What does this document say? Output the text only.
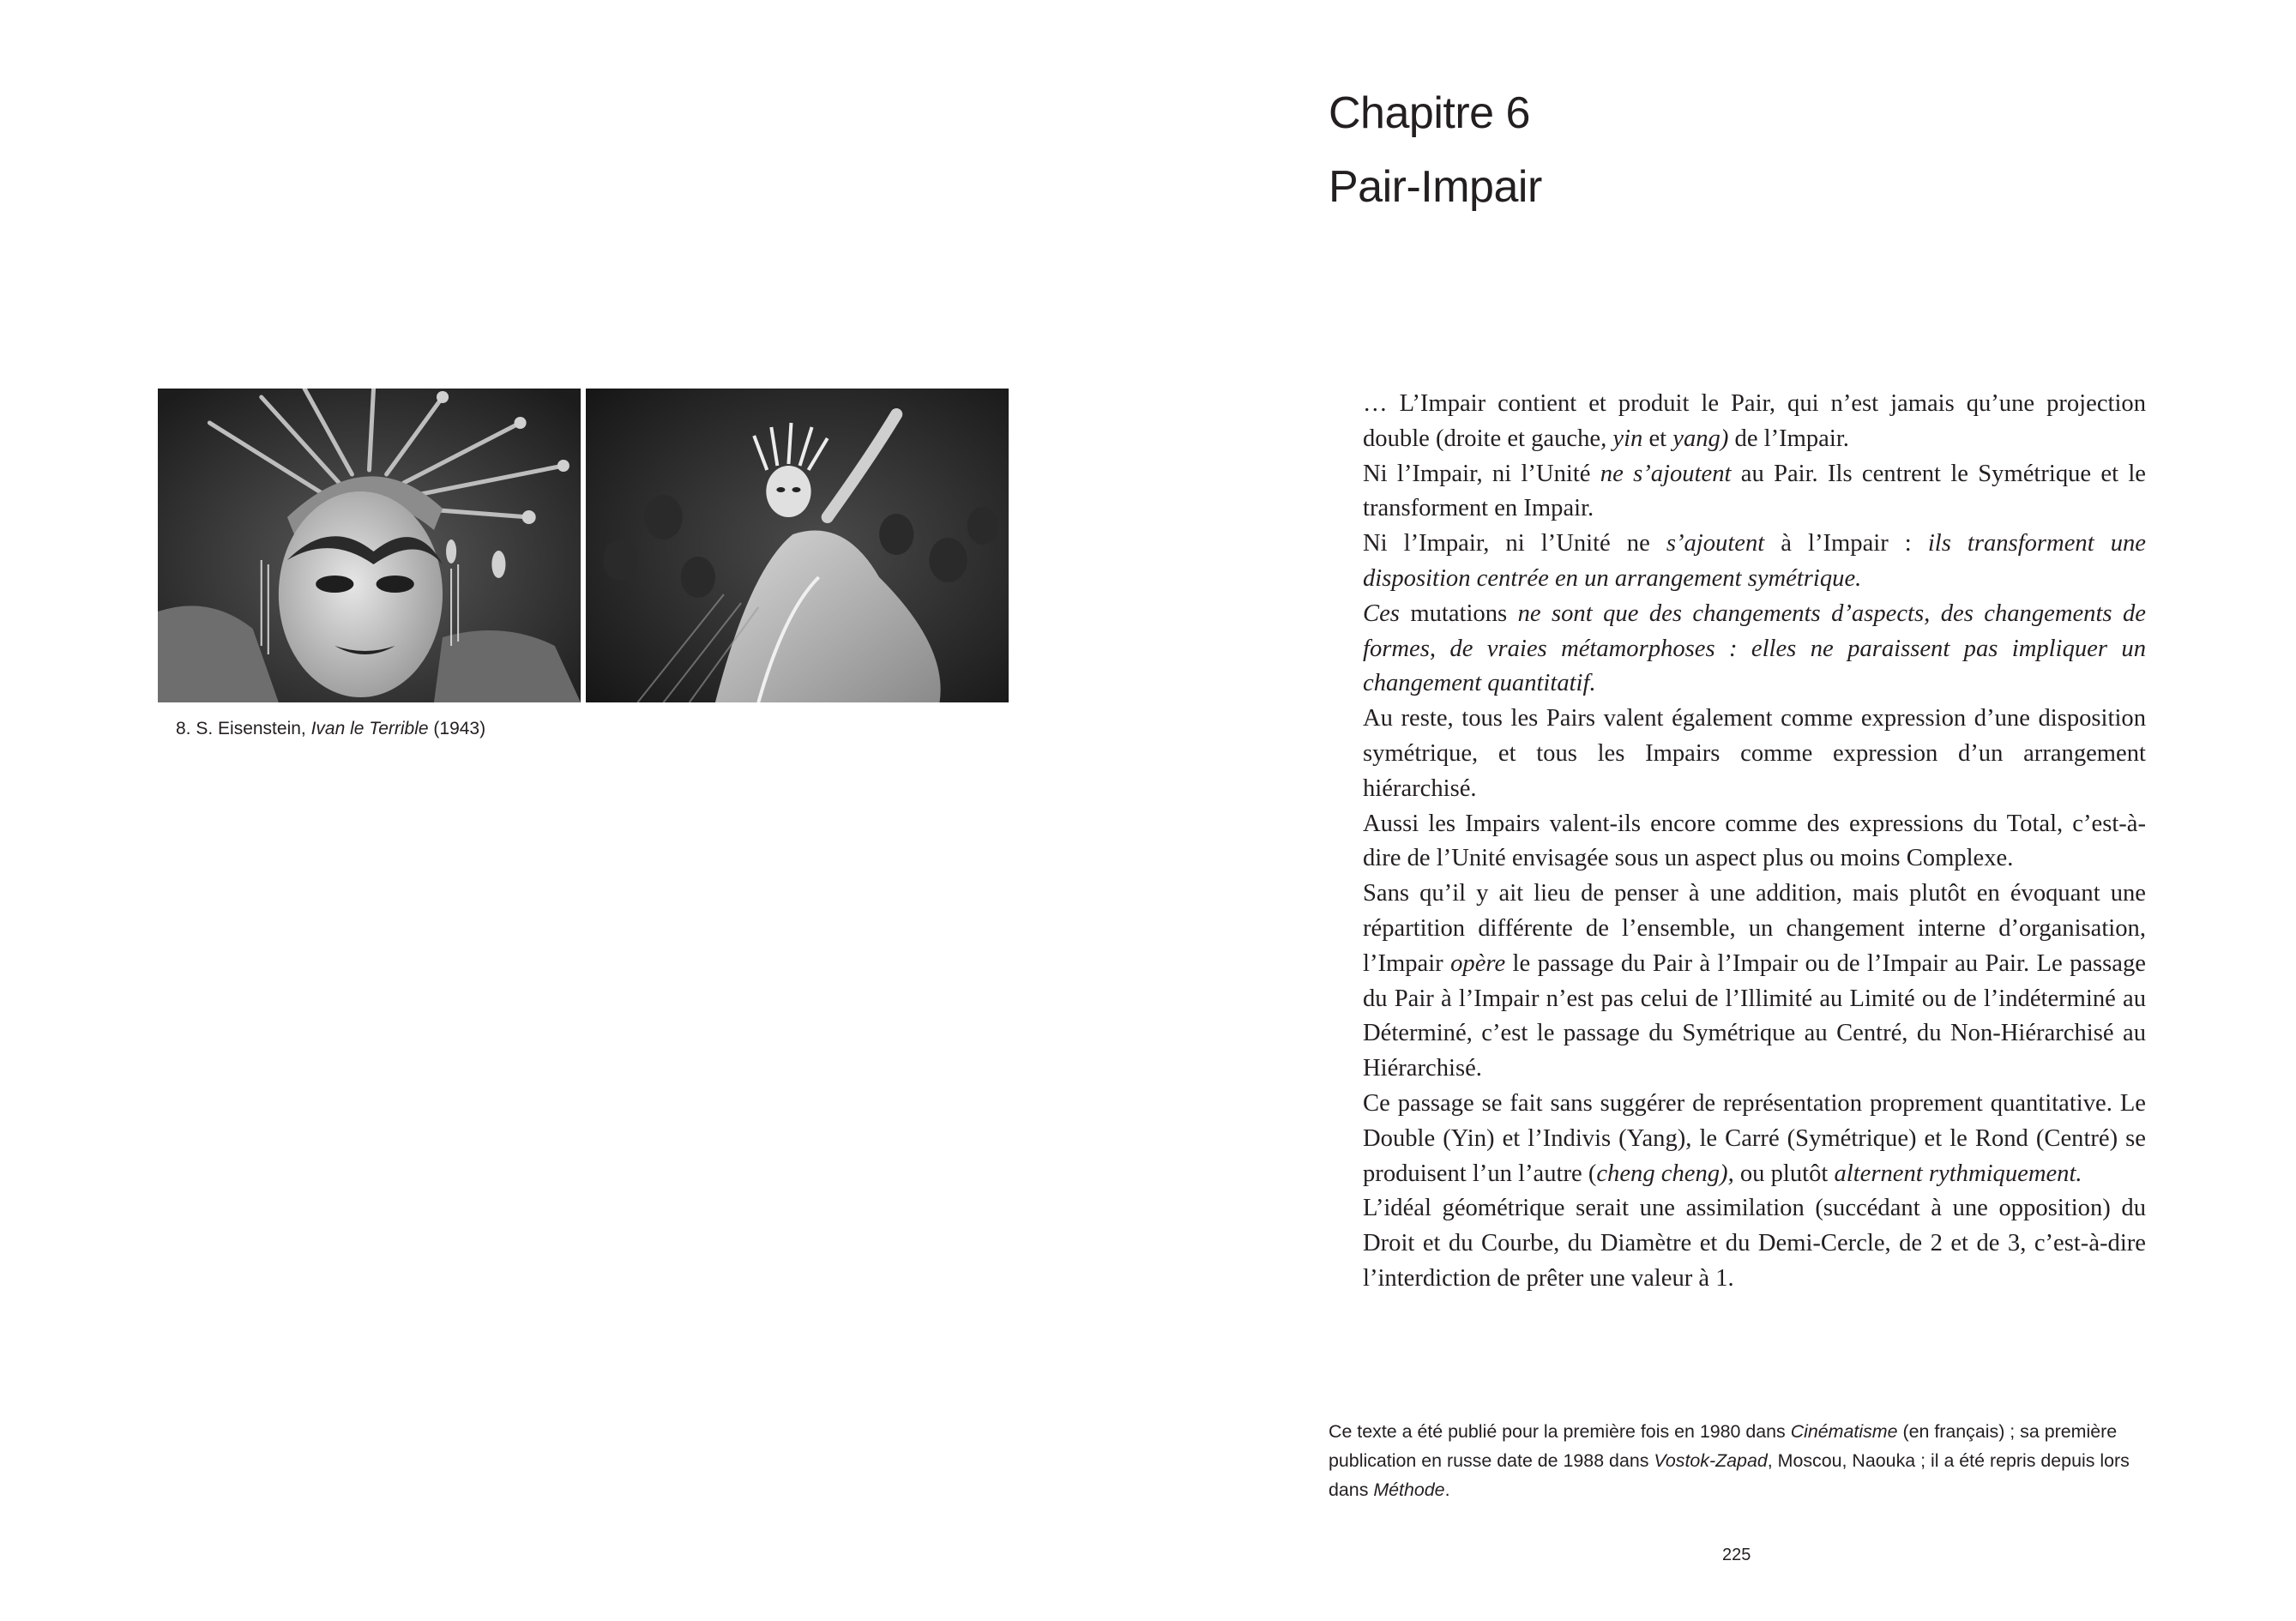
8. S. Eisenstein, Ivan le Terrible (1943)
Chapitre 6
Pair-Impair

… L’Impair contient et produit le Pair, qui n’est jamais qu’une projection double (droite et gauche, yin et yang) de l’Impair.

Ni l’Impair, ni l’Unité ne s’ajoutent au Pair. Ils centrent le Symétrique et le transforment en Impair.

Ni l’Impair, ni l’Unité ne s’ajoutent à l’Impair : ils transforment une disposition centrée en un arrangement symétrique.

Ces mutations ne sont que des changements d’aspects, des changements de formes, de vraies métamorphoses : elles ne paraissent pas impliquer un changement quantitatif.

Au reste, tous les Pairs valent également comme expression d’une disposition symétrique, et tous les Impairs comme expression d’un arrangement hiérarchisé.

Aussi les Impairs valent-ils encore comme des expressions du Total, c’est-à-dire de l’Unité envisagée sous un aspect plus ou moins Complexe.

Sans qu’il y ait lieu de penser à une addition, mais plutôt en évoquant une répartition différente de l’ensemble, un changement interne d’organisation, l’Impair opère le passage du Pair à l’Impair ou de l’Impair au Pair. Le passage du Pair à l’Impair n’est pas celui de l’Illimité au Limité ou de l’indéterminé au Déterminé, c’est le passage du Symétrique au Centré, du Non-Hiérarchisé au Hiérarchisé.

Ce passage se fait sans suggérer de représentation proprement quantitative. Le Double (Yin) et l’Indivis (Yang), le Carré (Symétrique) et le Rond (Centré) se produisent l’un l’autre (cheng cheng), ou plutôt alternent rythmiquement.

L’idéal géométrique serait une assimilation (succédant à une opposition) du Droit et du Courbe, du Diamètre et du Demi-Cercle, de 2 et de 3, c’est-à-dire l’interdiction de prêter une valeur à 1.

Ce texte a été publié pour la première fois en 1980 dans Cinématisme (en français) ; sa première publication en russe date de 1988 dans Vostok-Zapad, Moscou, Naouka ; il a été repris depuis lors dans Méthode.

225
